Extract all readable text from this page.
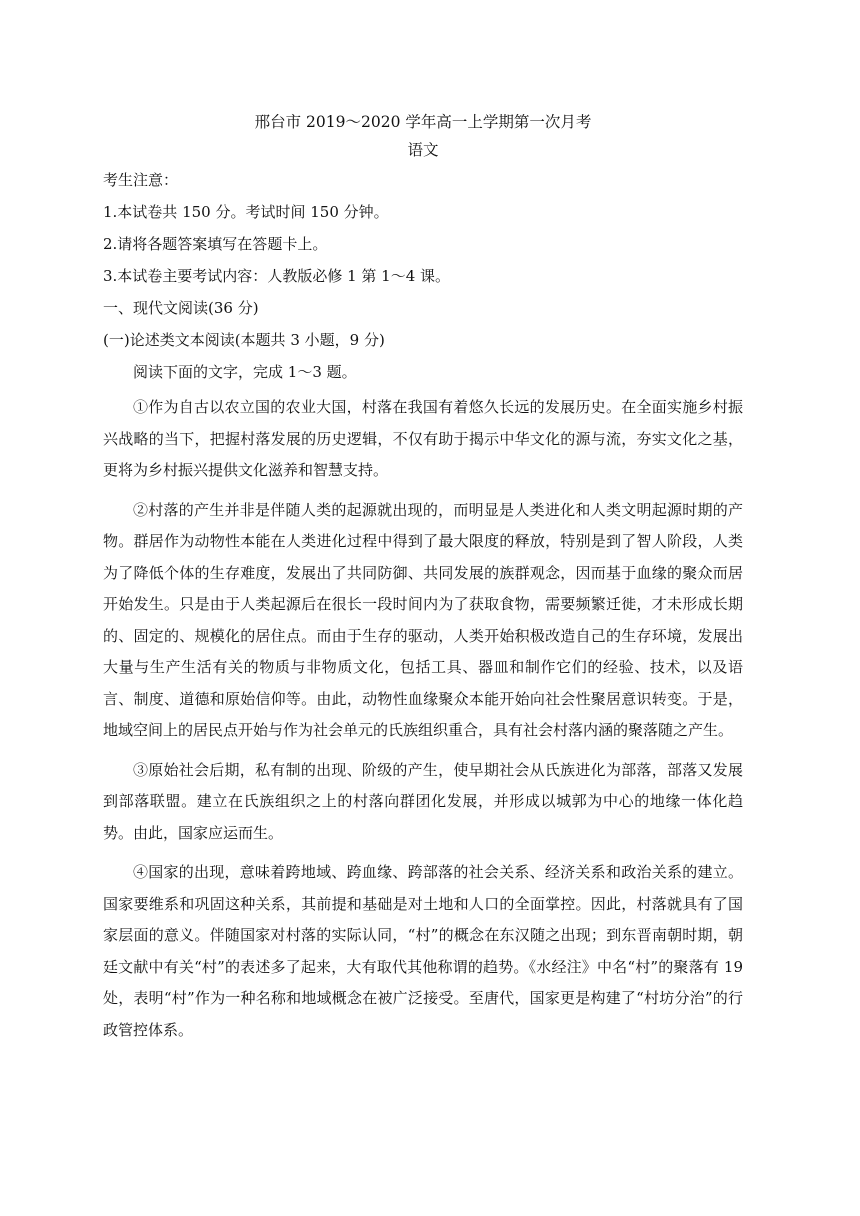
邢台市 2019～2020 学年高一上学期第一次月考
语文

考生注意：

1.本试卷共 150 分。考试时间 150 分钟。

2.请将各题答案填写在答题卡上。

3.本试卷主要考试内容：人教版必修 1 第 1～4 课。

一、现代文阅读(36 分)

(一)论述类文本阅读(本题共 3 小题，9 分)

阅读下面的文字，完成 1～3 题。

①作为自古以农立国的农业大国，村落在我国有着悠久长远的发展历史。在全面实施乡村振兴战略的当下，把握村落发展的历史逻辑，不仅有助于揭示中华文化的源与流，夯实文化之基，更将为乡村振兴提供文化滋养和智慧支持。

②村落的产生并非是伴随人类的起源就出现的，而明显是人类进化和人类文明起源时期的产物。群居作为动物性本能在人类进化过程中得到了最大限度的释放，特别是到了智人阶段，人类为了降低个体的生存难度，发展出了共同防御、共同发展的族群观念，因而基于血缘的聚众而居开始发生。只是由于人类起源后在很长一段时间内为了获取食物，需要频繁迁徙，才未形成长期的、固定的、规模化的居住点。而由于生存的驱动，人类开始积极改造自己的生存环境，发展出大量与生产生活有关的物质与非物质文化，包括工具、器皿和制作它们的经验、技术，以及语言、制度、道德和原始信仰等。由此，动物性血缘聚众本能开始向社会性聚居意识转变。于是，地域空间上的居民点开始与作为社会单元的氏族组织重合，具有社会村落内涵的聚落随之产生。

③原始社会后期，私有制的出现、阶级的产生，使早期社会从氏族进化为部落，部落又发展到部落联盟。建立在氏族组织之上的村落向群团化发展，并形成以城郭为中心的地缘一体化趋势。由此，国家应运而生。

④国家的出现，意味着跨地域、跨血缘、跨部落的社会关系、经济关系和政治关系的建立。国家要维系和巩固这种关系，其前提和基础是对土地和人口的全面掌控。因此，村落就具有了国家层面的意义。伴随国家对村落的实际认同，“村”的概念在东汉随之出现；到东晋南朝时期，朝廷文献中有关“村”的表述多了起来，大有取代其他称谓的趋势。《水经注》中名“村”的聚落有 19 处，表明“村”作为一种名称和地域概念在被广泛接受。至唐代，国家更是构建了“村坊分治”的行政管控体系。
